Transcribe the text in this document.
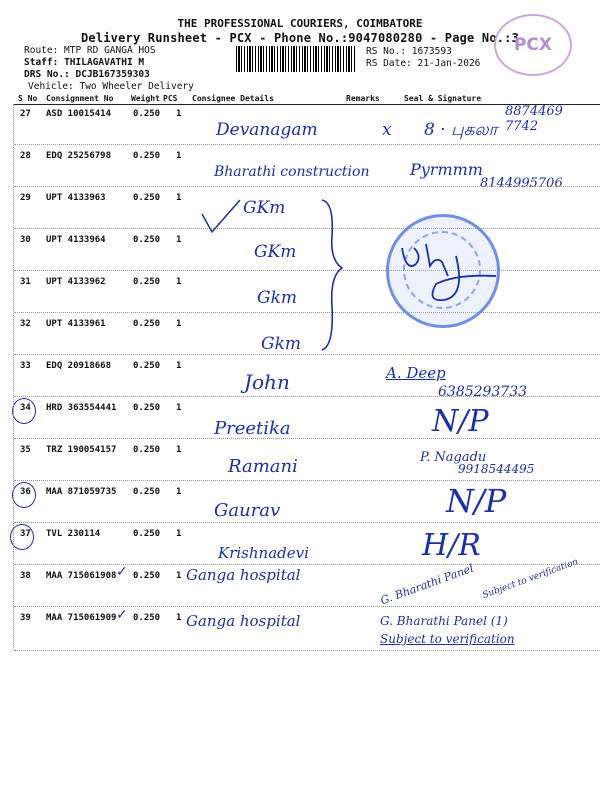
THE PROFESSIONAL COURIERS, COIMBATORE
Delivery Runsheet - PCX - Phone No.:9047080280 - Page No.:3
Route: MTP RD GANGA HOS
Staff: THILAGAVATHI M
DRS No.: DCJB167359303
Vehicle: Two Wheeler Delivery
RS No.: 1673593
RS Date: 21-Jan-2026
PCX
S No Consignment No Weight PCS Consignee Details	Remarks	Seal & Signature
27 ASD 10015414 0.250 1
Devanagam	x 8 · புகலா
8874469 7742
28 EDQ 25256798 0.250 1
Bharathi construction	Pyrmmm
8144995706
29 UPT 4133963	0.250 1	GKm
30 UPT 4133964	0.250 1
GKm
31 UPT 4133962	0.250 1
Gkm
32 UPT 4133961	0.250 1
Gkm
33 EDQ 20918668 0.250 1
John	A. Deep
6385293733
34 HRD 363554441 0.250 1
Preetika	N/P
35 TRZ 190054157 0.250 1
Ramani	P. Nagadu
9918544495
36 MAA 871059735 0.250 1
Gaurav	N/P
37 TVL 230114	0.250 1
Krishnadevi	H/R
38 MAA 715061908 ✓ 0.250 1 Ganga hospital	G. Bharathi Panel Subject to verification
39 MAA 715061909 ✓ 0.250 1 Ganga hospital	G. Bharathi Panel (1)
Subject to verification
